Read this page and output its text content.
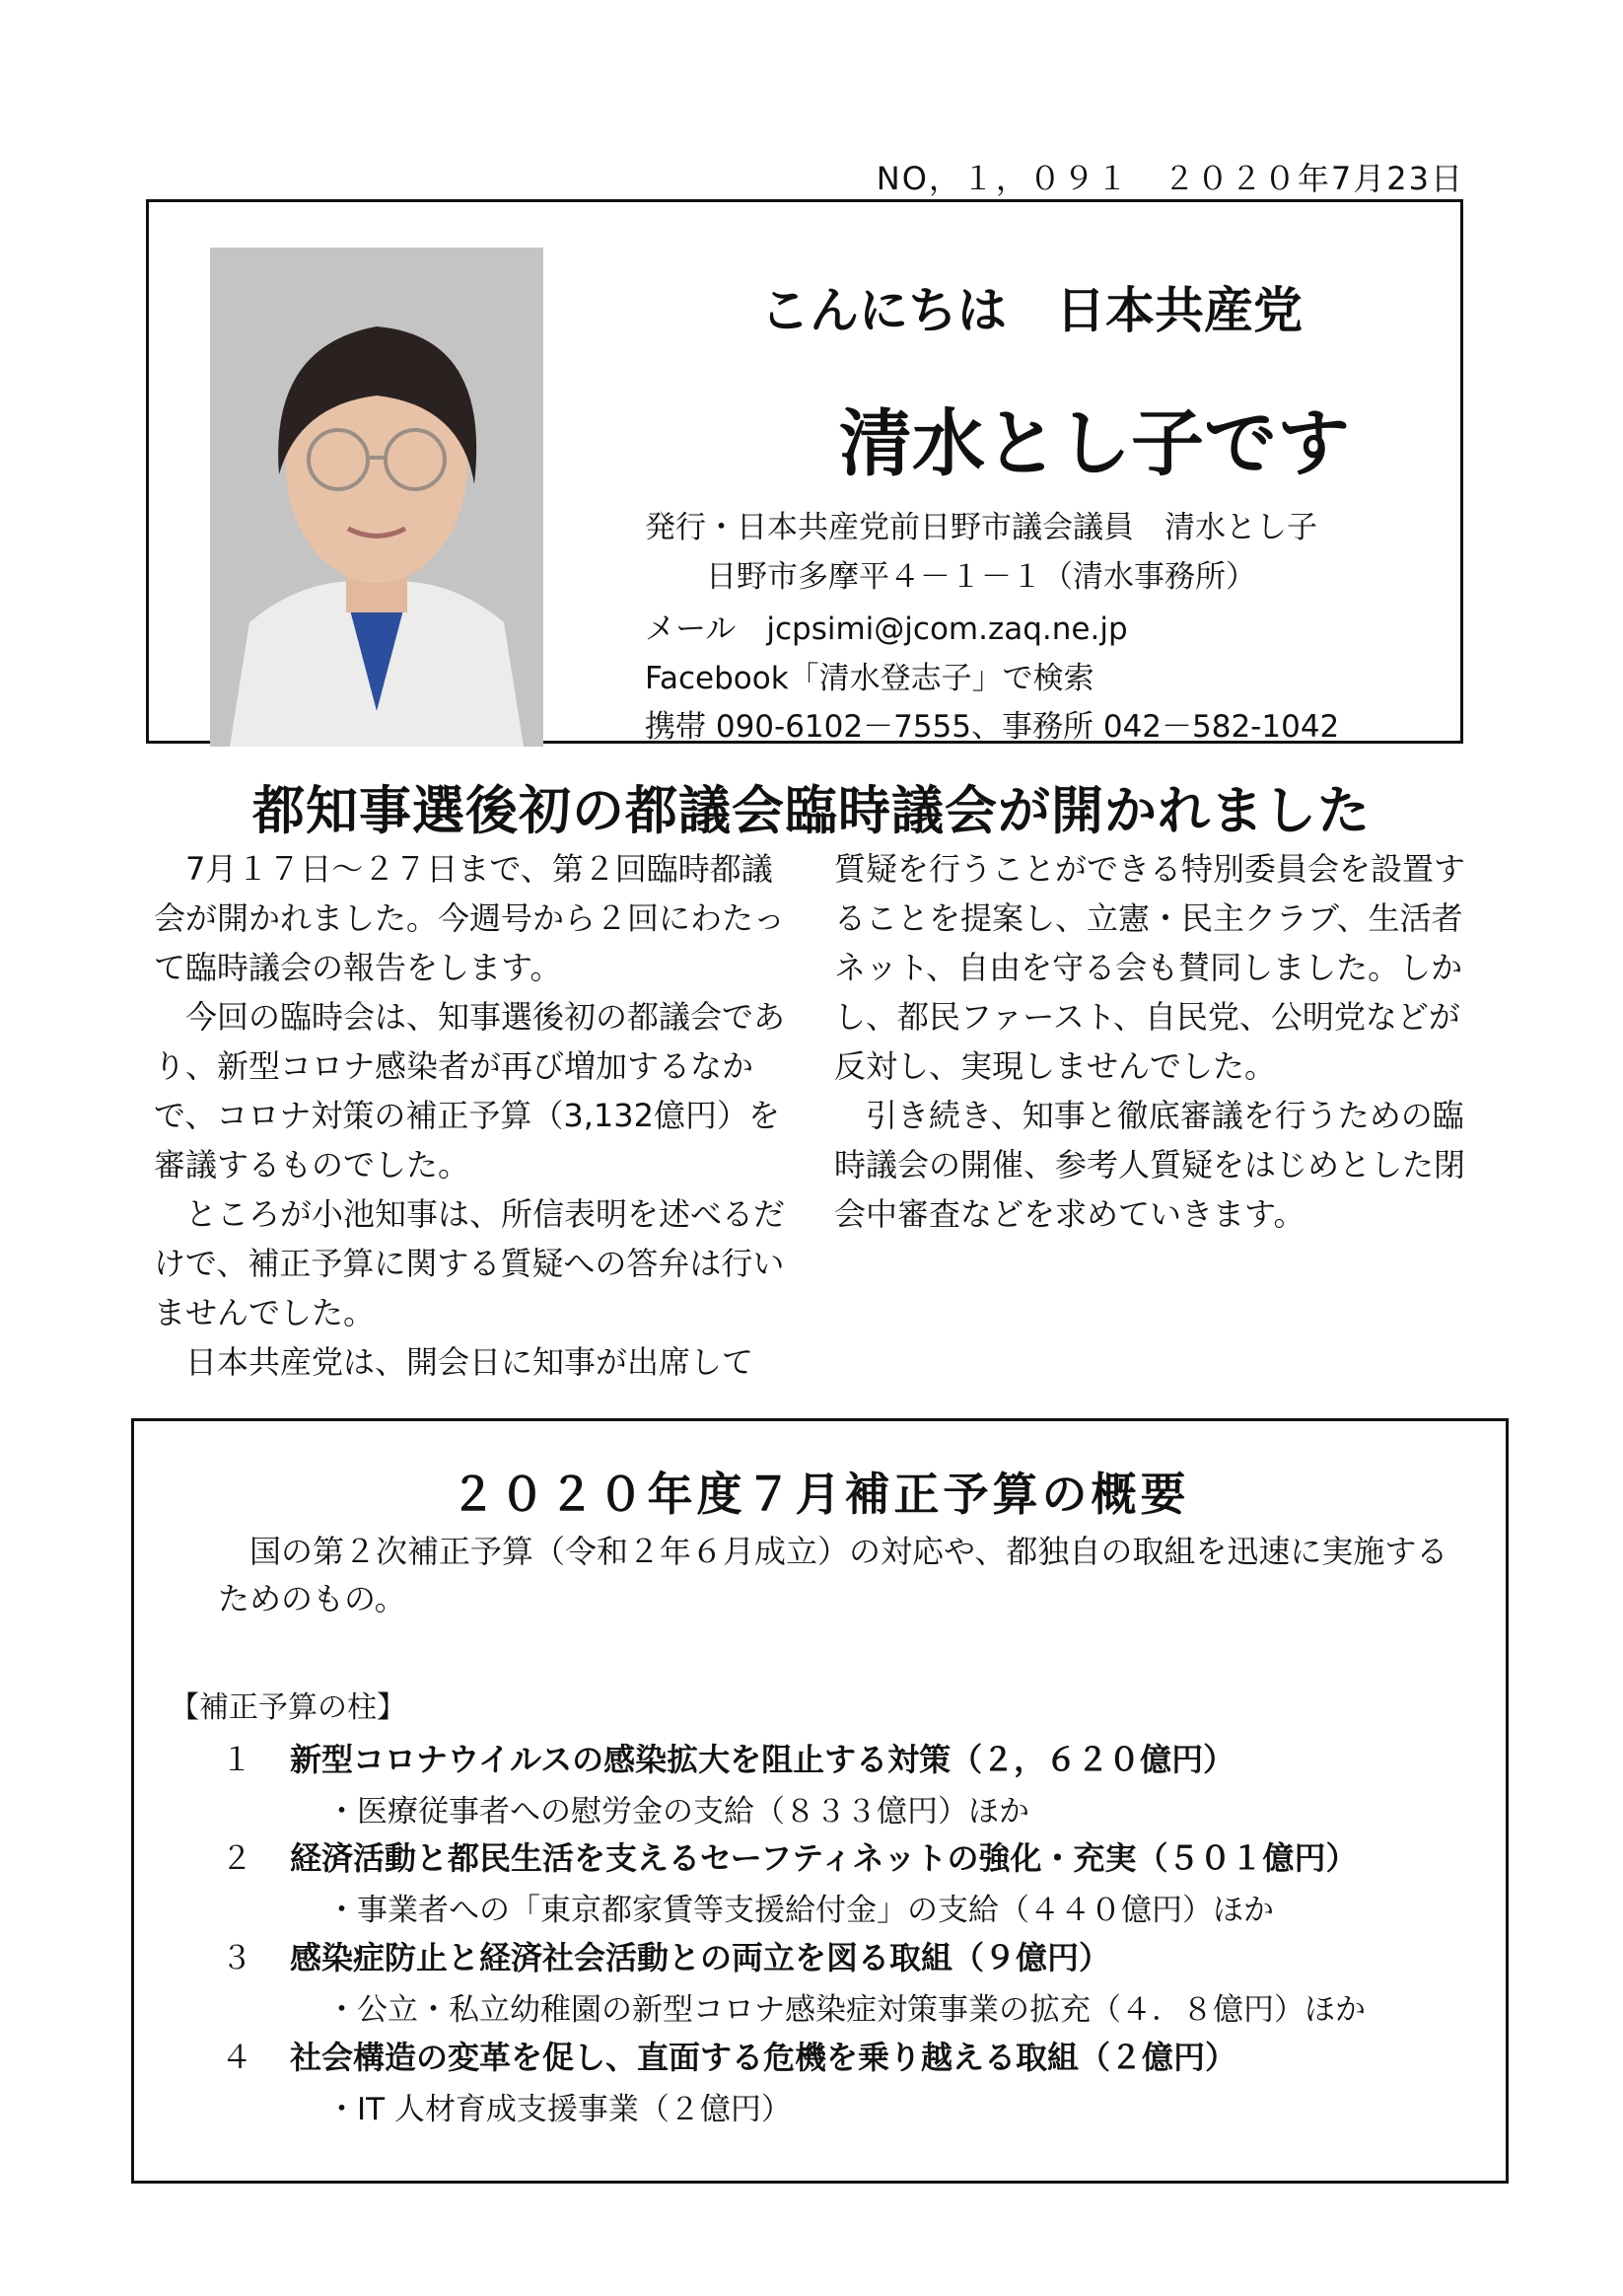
NO，１，０９１　２０２０年7月23日
こんにちは　日本共産党
清水とし子です
発行・日本共産党前日野市議会議員　清水とし子
　　日野市多摩平４－１－１（清水事務所）
メール　jcpsimi@jcom.zaq.ne.jp
Facebook「清水登志子」で検索
携帯 090-6102－7555、事務所 042－582-1042
都知事選後初の都議会臨時議会が開かれました

7月１７日～２７日まで、第２回臨時都議会が開かれました。今週号から２回にわたって臨時議会の報告をします。

今回の臨時会は、知事選後初の都議会であり、新型コロナ感染者が再び増加するなかで、コロナ対策の補正予算（3,132億円）を審議するものでした。

ところが小池知事は、所信表明を述べるだけで、補正予算に関する質疑への答弁は行いませんでした。

日本共産党は、開会日に知事が出席して

質疑を行うことができる特別委員会を設置することを提案し、立憲・民主クラブ、生活者ネット、自由を守る会も賛同しました。しかし、都民ファースト、自民党、公明党などが反対し、実現しませんでした。

引き続き、知事と徹底審議を行うための臨時議会の開催、参考人質疑をはじめとした閉会中審査などを求めていきます。

２０２０年度７月補正予算の概要
国の第２次補正予算（令和２年６月成立）の対応や、都独自の取組を迅速に実施するためのもの。
【補正予算の柱】
１ 新型コロナウイルスの感染拡大を阻止する対策（２，６２０億円）
・医療従事者への慰労金の支給（８３３億円）ほか
２ 経済活動と都民生活を支えるセーフティネットの強化・充実（５０１億円）
・事業者への「東京都家賃等支援給付金」の支給（４４０億円）ほか
３ 感染症防止と経済社会活動との両立を図る取組（９億円）
・公立・私立幼稚園の新型コロナ感染症対策事業の拡充（４．８億円）ほか
４ 社会構造の変革を促し、直面する危機を乗り越える取組（２億円）
・IT 人材育成支援事業（２億円）
